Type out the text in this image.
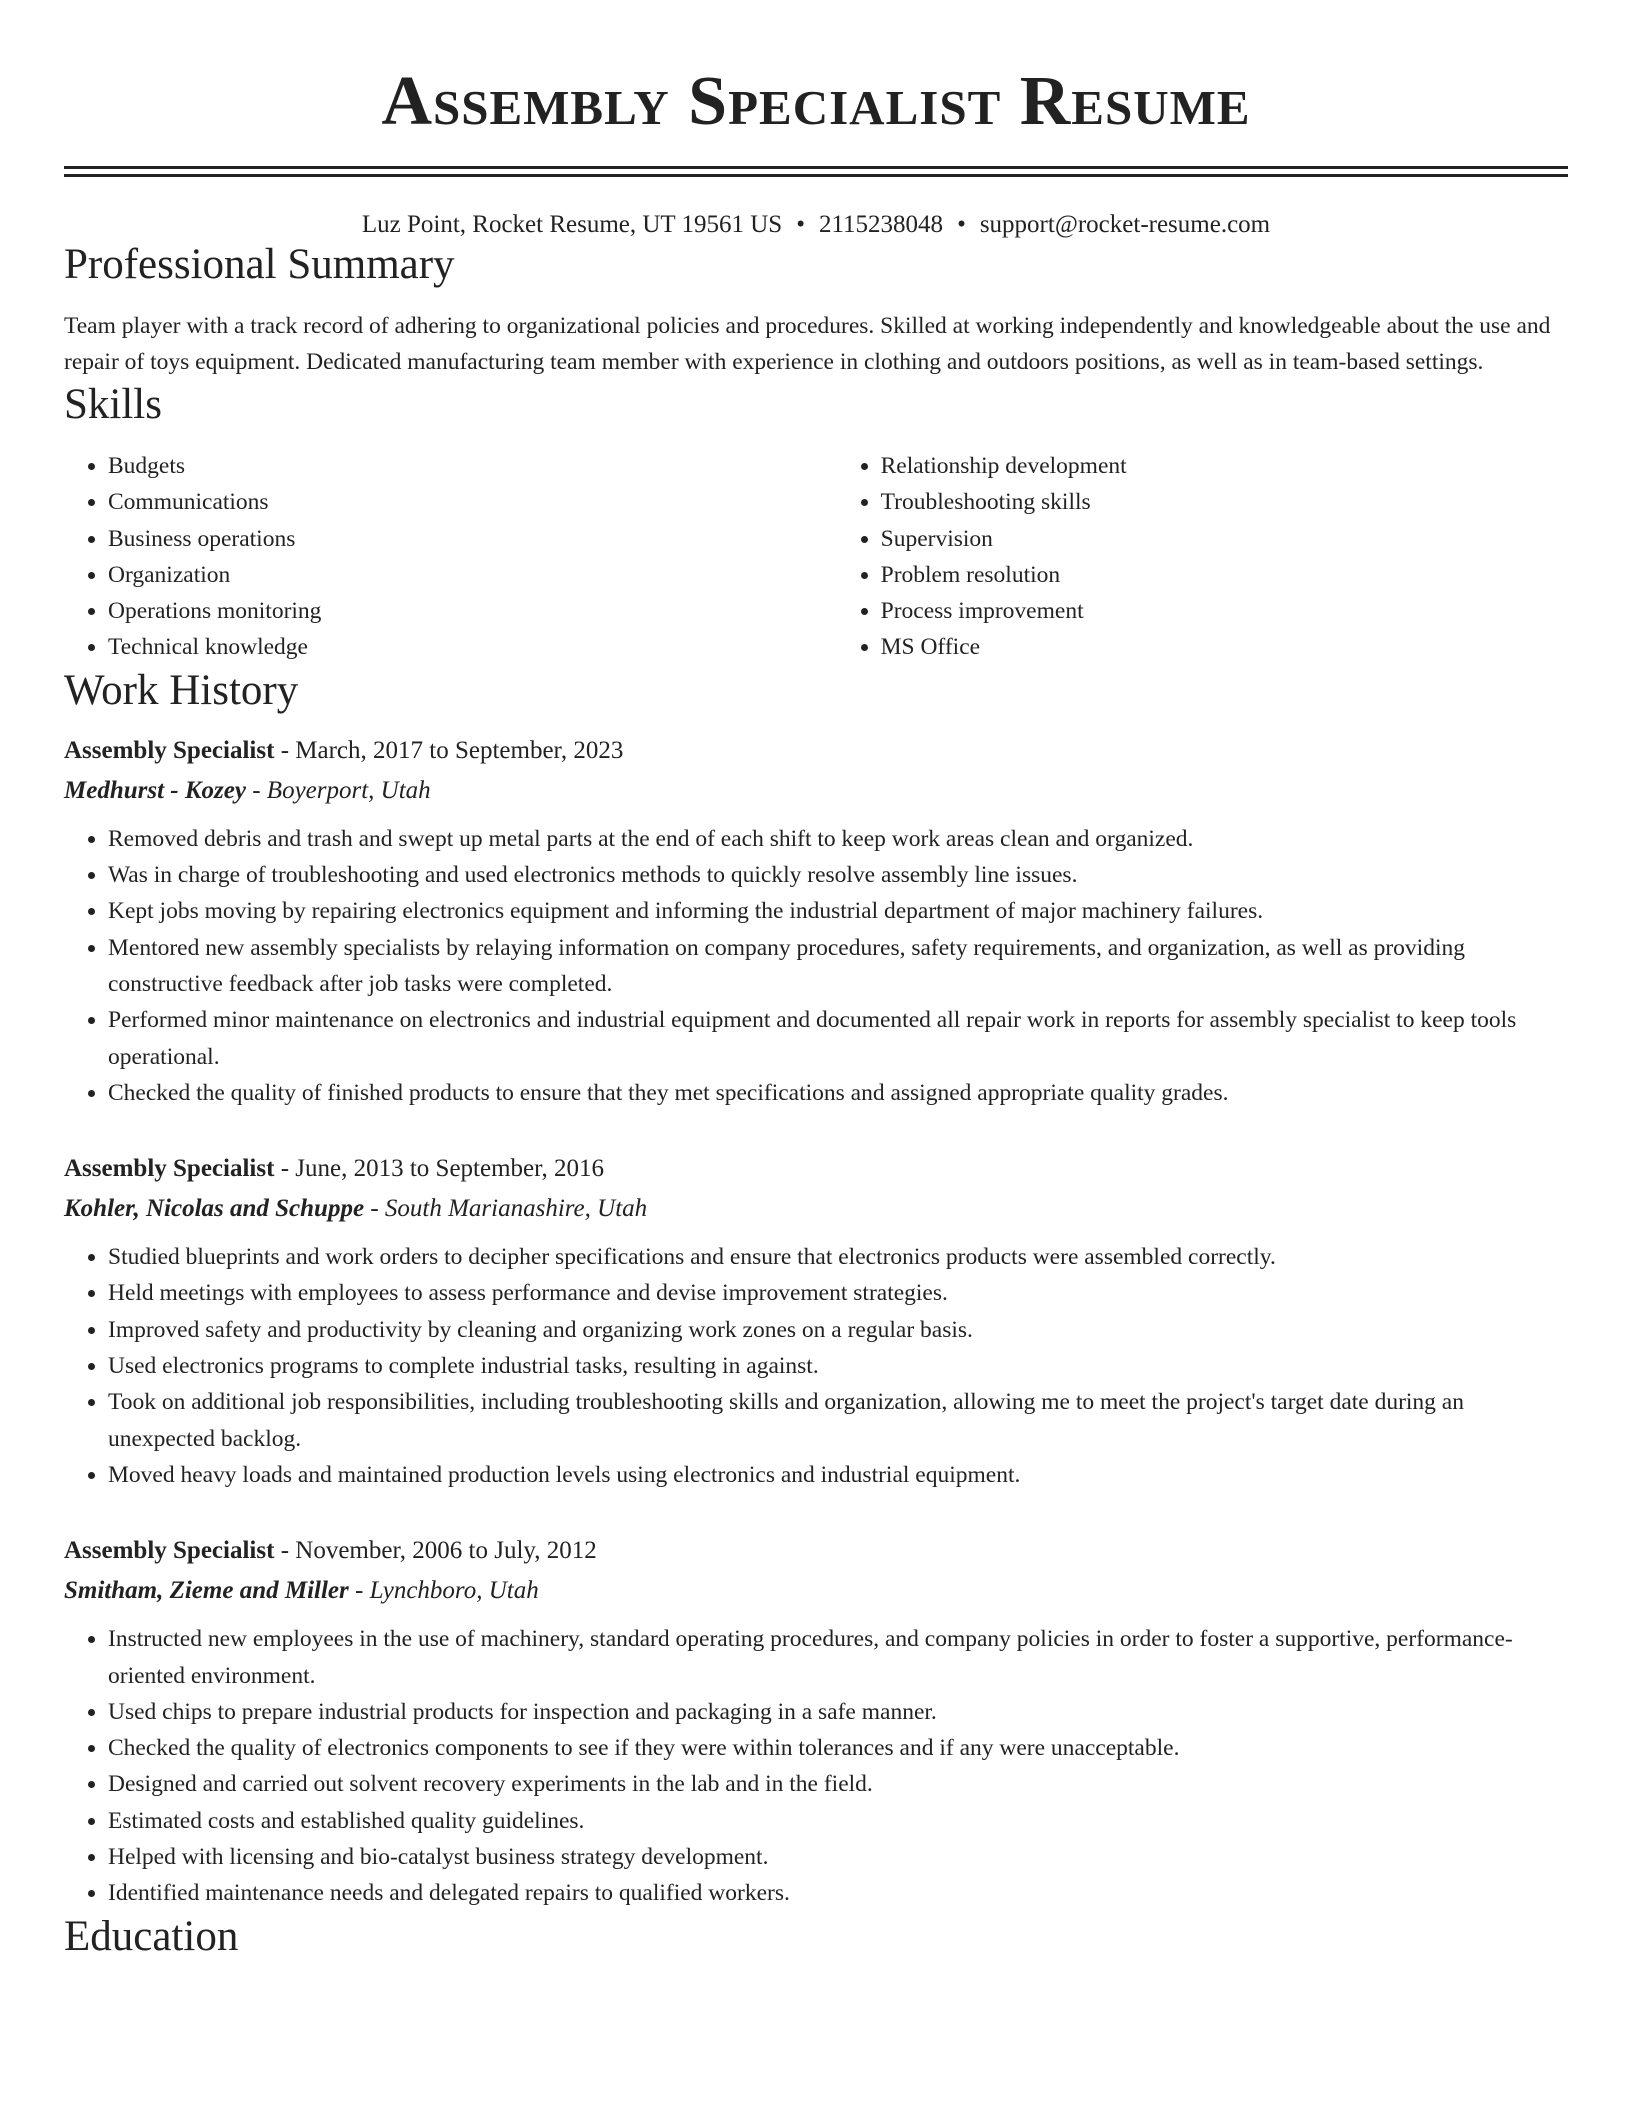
Assembly Specialist Resume
Luz Point, Rocket Resume, UT 19561 US • 2115238048 • support@rocket-resume.com
Professional Summary

Team player with a track record of adhering to organizational policies and procedures. Skilled at working independently and knowledgeable about the use and repair of toys equipment. Dedicated manufacturing team member with experience in clothing and outdoors positions, as well as in team-based settings.

Skills
• Budgets
• Communications
• Business operations
• Organization
• Operations monitoring
• Technical knowledge
• Relationship development
• Troubleshooting skills
• Supervision
• Problem resolution
• Process improvement
• MS Office
Work History
Assembly Specialist - March, 2017 to September, 2023
Medhurst - Kozey - Boyerport, Utah
• Removed debris and trash and swept up metal parts at the end of each shift to keep work areas clean and organized.
• Was in charge of troubleshooting and used electronics methods to quickly resolve assembly line issues.
• Kept jobs moving by repairing electronics equipment and informing the industrial department of major machinery failures.
• Mentored new assembly specialists by relaying information on company procedures, safety requirements, and organization, as well as providing constructive feedback after job tasks were completed.
• Performed minor maintenance on electronics and industrial equipment and documented all repair work in reports for assembly specialist to keep tools operational.
• Checked the quality of finished products to ensure that they met specifications and assigned appropriate quality grades.
Assembly Specialist - June, 2013 to September, 2016
Kohler, Nicolas and Schuppe - South Marianashire, Utah
• Studied blueprints and work orders to decipher specifications and ensure that electronics products were assembled correctly.
• Held meetings with employees to assess performance and devise improvement strategies.
• Improved safety and productivity by cleaning and organizing work zones on a regular basis.
• Used electronics programs to complete industrial tasks, resulting in against.
• Took on additional job responsibilities, including troubleshooting skills and organization, allowing me to meet the project's target date during an unexpected backlog.
• Moved heavy loads and maintained production levels using electronics and industrial equipment.
Assembly Specialist - November, 2006 to July, 2012
Smitham, Zieme and Miller - Lynchboro, Utah
• Instructed new employees in the use of machinery, standard operating procedures, and company policies in order to foster a supportive, performance-oriented environment.
• Used chips to prepare industrial products for inspection and packaging in a safe manner.
• Checked the quality of electronics components to see if they were within tolerances and if any were unacceptable.
• Designed and carried out solvent recovery experiments in the lab and in the field.
• Estimated costs and established quality guidelines.
• Helped with licensing and bio-catalyst business strategy development.
• Identified maintenance needs and delegated repairs to qualified workers.
Education
